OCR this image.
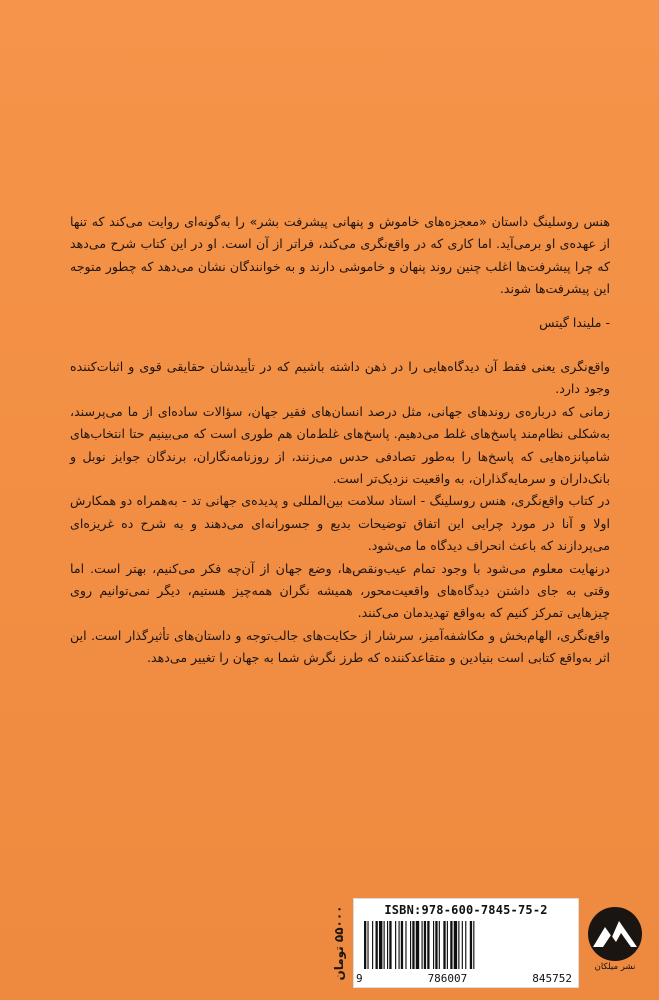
هنس روسلینگ داستان «معجزه‌های خاموش و پنهانی پیشرفت بشر» را به‌گونه‌ای روایت می‌کند که تنها از عهده‌ی او برمی‌آید. اما کاری که در واقع‌نگری می‌کند، فراتر از آن است. او در این کتاب شرح می‌دهد که چرا پیشرفت‌ها اغلب چنین روند پنهان و خاموشی دارند و به خوانندگان نشان می‌دهد که چطور متوجه این پیشرفت‌ها شوند.

- ملیندا گیتس

واقع‌نگری یعنی فقط آن دیدگاه‌هایی را در ذهن داشته باشیم که در تأییدشان حقایقی قوی و اثبات‌کننده وجود دارد.

زمانی که درباره‌ی روندهای جهانی، مثل درصد انسان‌های فقیر جهان، سؤالات ساده‌ای از ما می‌پرسند، به‌شکلی نظام‌مند پاسخ‌های غلط می‌دهیم. پاسخ‌های غلط‌مان هم طوری است که می‌بینیم حتا انتخاب‌های شامپانزه‌هایی که پاسخ‌ها را به‌طور تصادفی حدس می‌زنند، از روزنامه‌نگاران، برندگان جوایز نوبل و بانک‌داران و سرمایه‌گذاران، به واقعیت نزدیک‌تر است.

در کتاب واقع‌نگری، هنس روسلینگ - استاد سلامت بین‌المللی و پدیده‌ی جهانی تد - به‌همراه دو همکارش اولا و آنا در مورد چرایی این اتفاق توضیحات بدیع و جسورانه‌ای می‌دهند و به شرح ده غریزه‌ای می‌پردازند که باعث انحراف دیدگاه ما می‌شود.

درنهایت معلوم می‌شود با وجود تمام عیب‌ونقص‌ها، وضع جهان از آن‌چه فکر می‌کنیم، بهتر است. اما وقتی به جای داشتن دیدگاه‌های واقعیت‌محور، همیشه نگران همه‌چیز هستیم، دیگر نمی‌توانیم روی چیزهایی تمرکز کنیم که به‌واقع تهدیدمان می‌کنند.

واقع‌نگری، الهام‌بخش و مکاشفه‌آمیز، سرشار از حکایت‌های جالب‌توجه و داستان‌های تأثیرگذار است. این اثر به‌واقع کتابی است بنیادین و متقاعدکننده که طرز نگرش شما به جهان را تغییر می‌دهد.

۵۵۰۰۰ تومان	ISBN:978-600-7845-75-2
9	786007	845752
نشر میلکان
